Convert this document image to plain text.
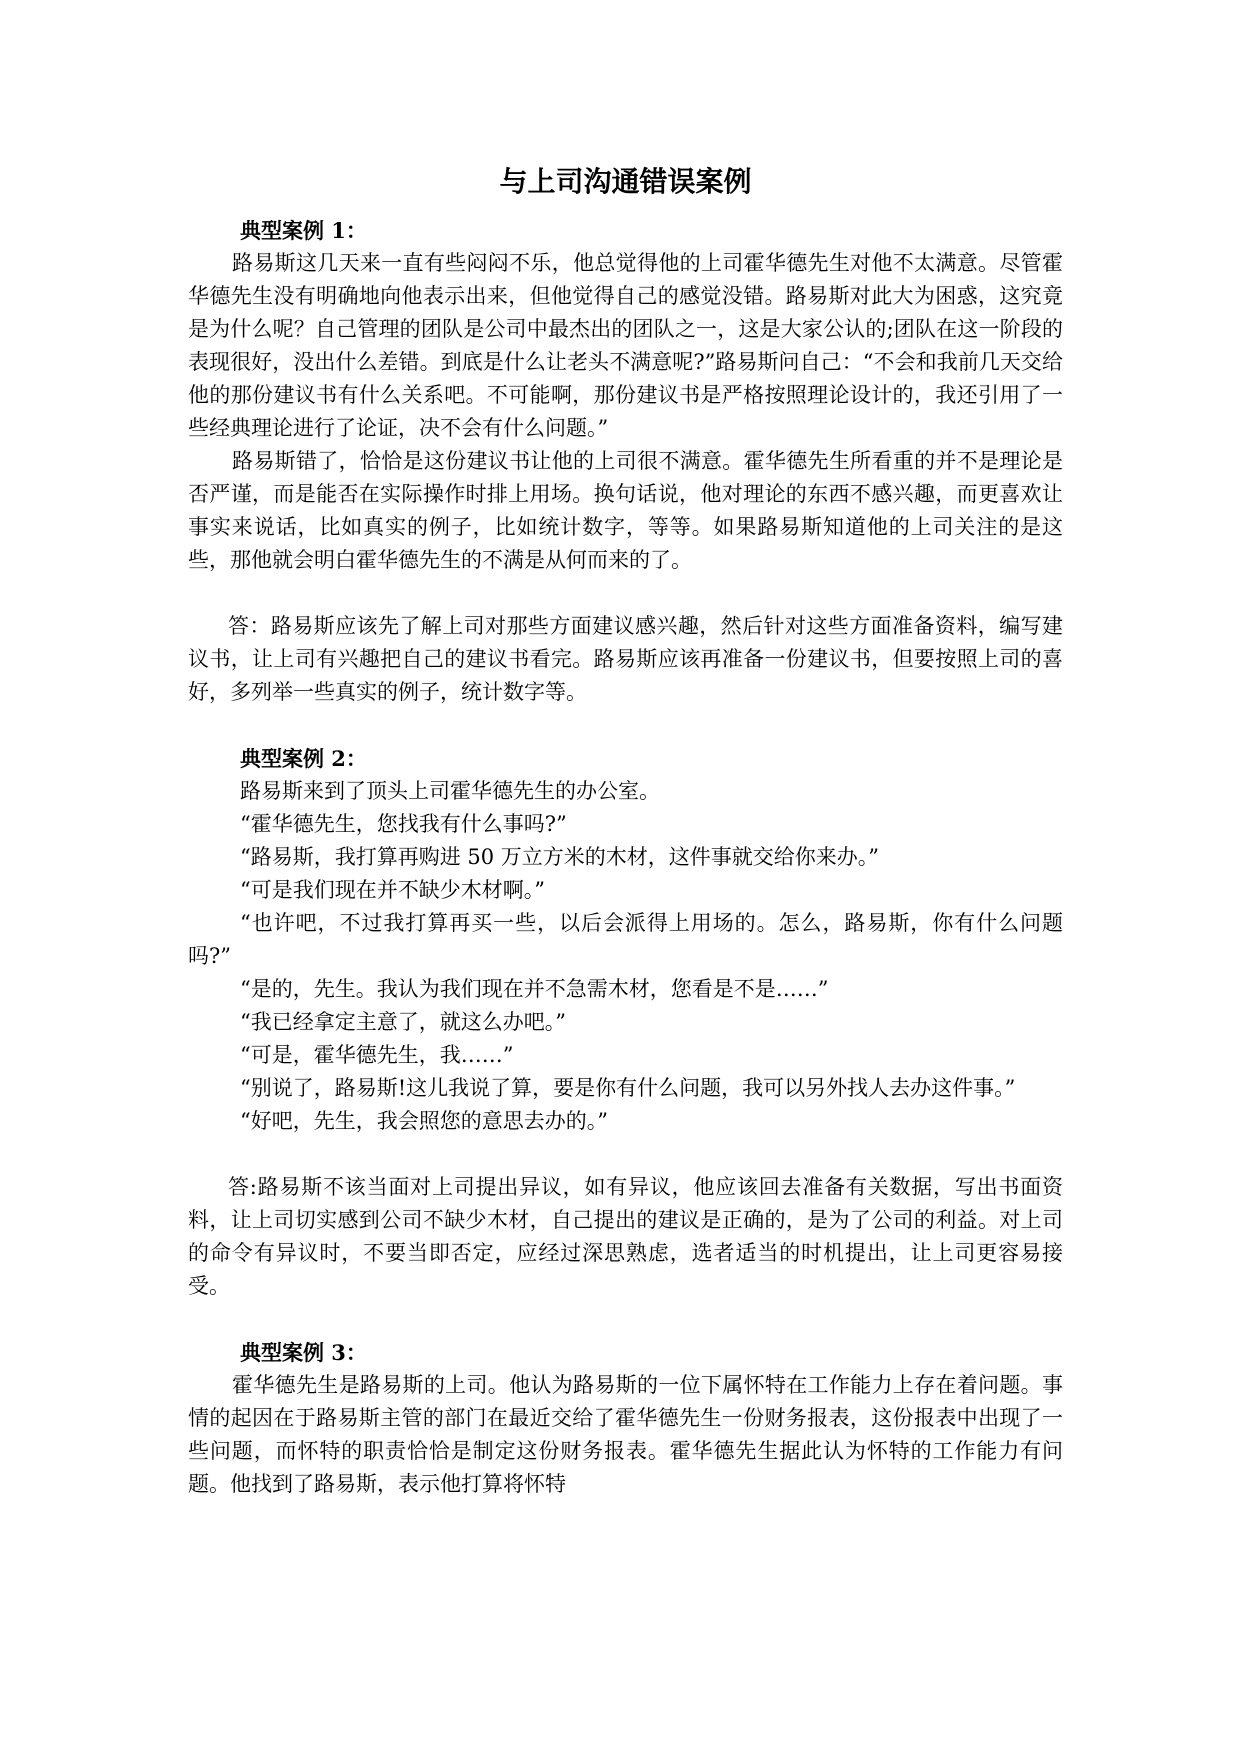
与上司沟通错误案例

典型案例 1：

路易斯这几天来一直有些闷闷不乐，他总觉得他的上司霍华德先生对他不太满意。尽管霍华德先生没有明确地向他表示出来，但他觉得自己的感觉没错。路易斯对此大为困惑，这究竟是为什么呢？自己管理的团队是公司中最杰出的团队之一，这是大家公认的;团队在这一阶段的表现很好，没出什么差错。到底是什么让老头不满意呢?”路易斯问自己：“不会和我前几天交给他的那份建议书有什么关系吧。不可能啊，那份建议书是严格按照理论设计的，我还引用了一些经典理论进行了论证，决不会有什么问题。”

路易斯错了，恰恰是这份建议书让他的上司很不满意。霍华德先生所看重的并不是理论是否严谨，而是能否在实际操作时排上用场。换句话说，他对理论的东西不感兴趣，而更喜欢让事实来说话，比如真实的例子，比如统计数字，等等。如果路易斯知道他的上司关注的是这些，那他就会明白霍华德先生的不满是从何而来的了。

答：路易斯应该先了解上司对那些方面建议感兴趣，然后针对这些方面准备资料，编写建议书，让上司有兴趣把自己的建议书看完。路易斯应该再准备一份建议书，但要按照上司的喜好，多列举一些真实的例子，统计数字等。

典型案例 2：

路易斯来到了顶头上司霍华德先生的办公室。

“霍华德先生，您找我有什么事吗?”

“路易斯，我打算再购进 50 万立方米的木材，这件事就交给你来办。”

“可是我们现在并不缺少木材啊。”

“也许吧，不过我打算再买一些，以后会派得上用场的。怎么，路易斯，你有什么问题吗?”

“是的，先生。我认为我们现在并不急需木材，您看是不是……”

“我已经拿定主意了，就这么办吧。”

“可是，霍华德先生，我……”

“别说了，路易斯!这儿我说了算，要是你有什么问题，我可以另外找人去办这件事。”

“好吧，先生，我会照您的意思去办的。”

答:路易斯不该当面对上司提出异议，如有异议，他应该回去准备有关数据，写出书面资料，让上司切实感到公司不缺少木材，自己提出的建议是正确的，是为了公司的利益。对上司的命令有异议时，不要当即否定，应经过深思熟虑，选者适当的时机提出，让上司更容易接受。

典型案例 3：

霍华德先生是路易斯的上司。他认为路易斯的一位下属怀特在工作能力上存在着问题。事情的起因在于路易斯主管的部门在最近交给了霍华德先生一份财务报表，这份报表中出现了一些问题，而怀特的职责恰恰是制定这份财务报表。霍华德先生据此认为怀特的工作能力有问题。他找到了路易斯，表示他打算将怀特
